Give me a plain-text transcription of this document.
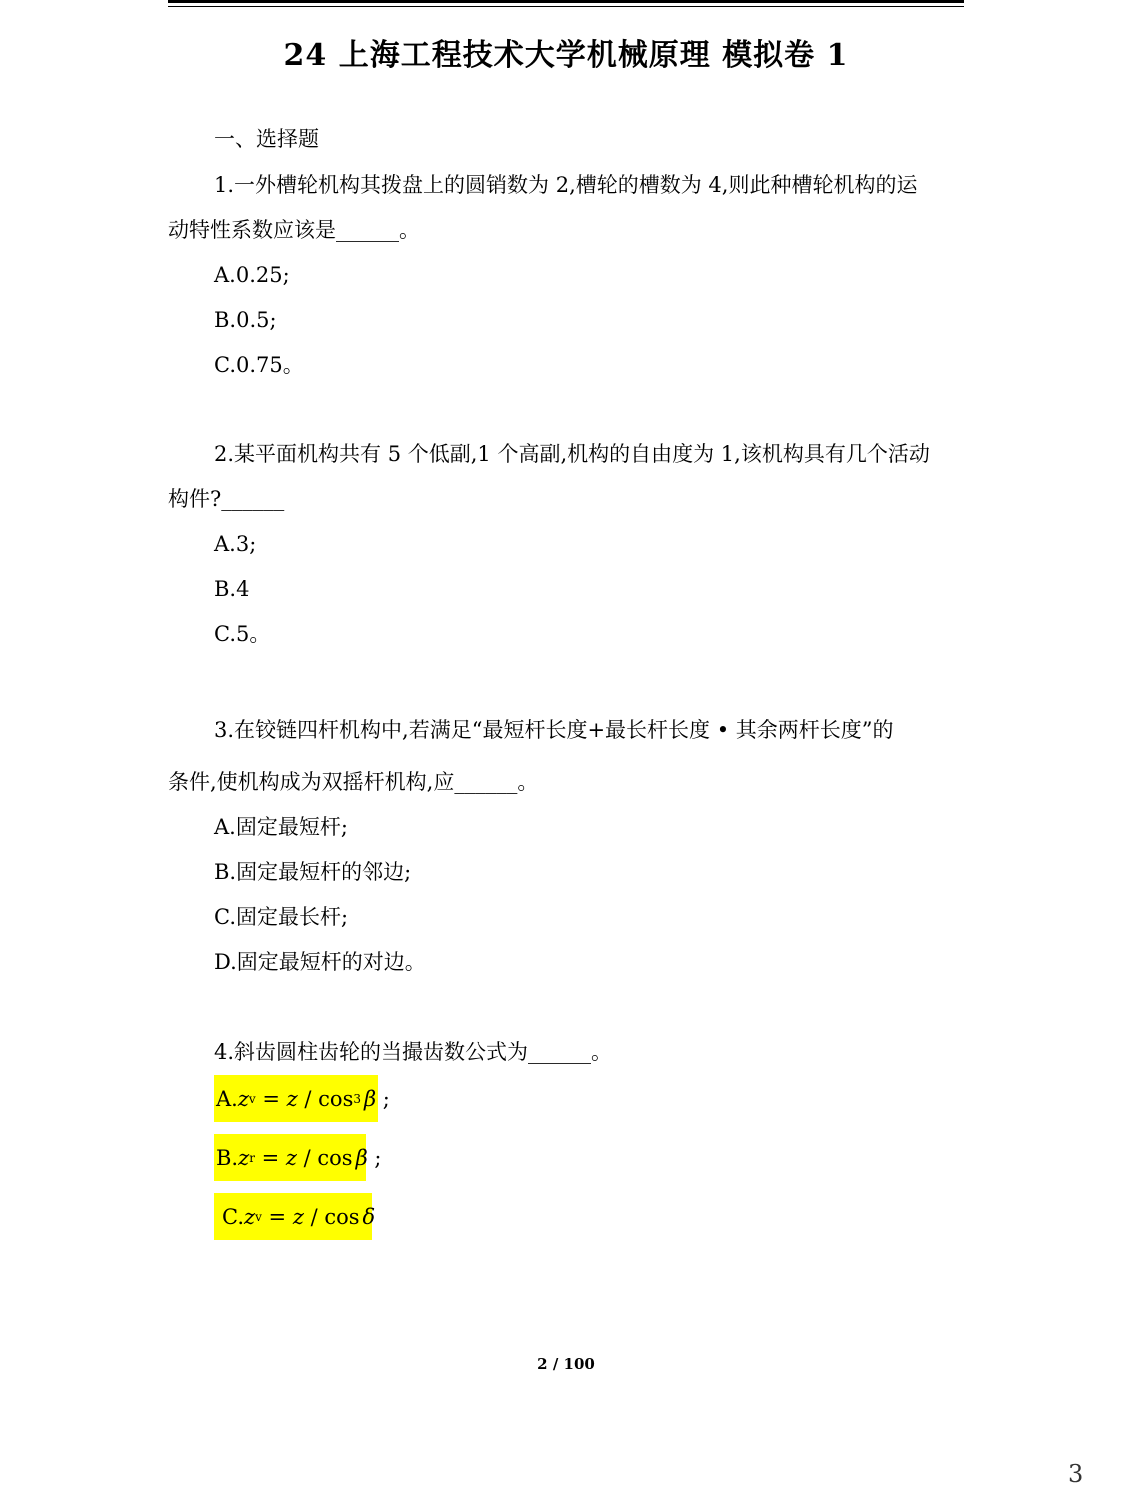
24 上海工程技术大学机械原理 模拟卷 1
一、选择题
1.一外槽轮机构其拨盘上的圆销数为 2,槽轮的槽数为 4,则此种槽轮机构的运
动特性系数应该是______。
A.0.25;
B.0.5;
C.0.75。
2.某平面机构共有 5 个低副,1 个高副,机构的自由度为 1,该机构具有几个活动
构件?______
A.3;
B.4
C.5。
3.在铰链四杆机构中,若满足“最短杆长度+最长杆长度 • 其余两杆长度”的
条件,使机构成为双摇杆机构,应______。
A.固定最短杆;
B.固定最短杆的邻边;
C.固定最长杆;
D.固定最短杆的对边。
4.斜齿圆柱齿轮的当撮齿数公式为______。
A. z v = z / cos 3 β ;
B. z r = z / cos β ;
C. z v = z / cos δ
2 / 100
3
